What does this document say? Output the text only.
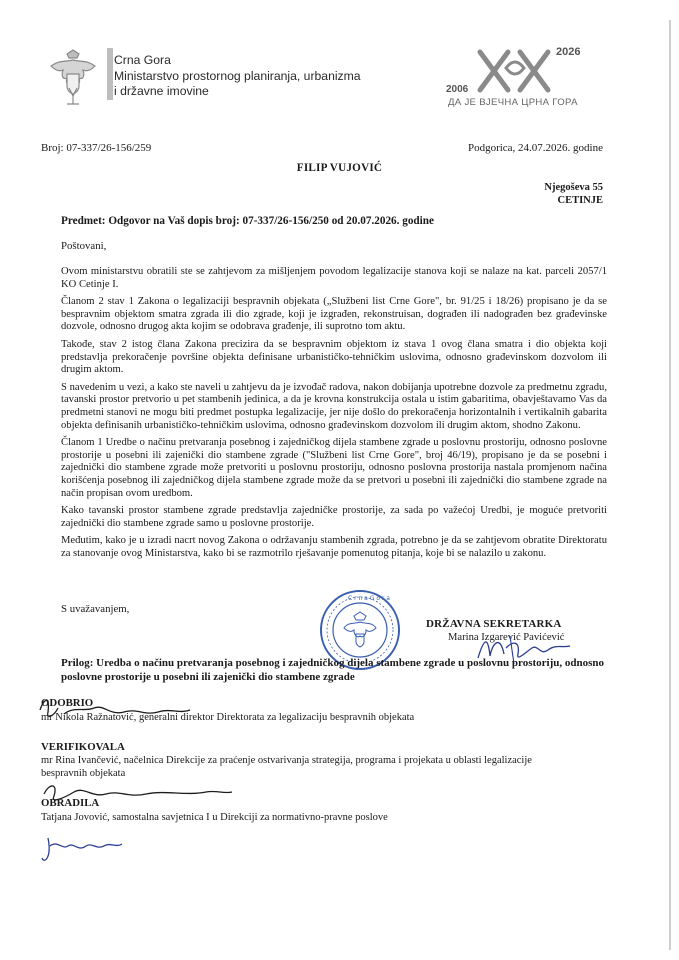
Crna Gora
Ministarstvo prostornog planiranja, urbanizma
i državne imovine
2026
2006
ДА ЈЕ ВЈЕЧНА ЦРНА ГОРА
Broj: 07-337/26-156/259	Podgorica, 24.07.2026. godine
FILIP VUJOVIĆ
Njegoševa 55
CETINJE
Predmet: Odgovor na Vaš dopis broj: 07-337/26-156/250 od 20.07.2026. godine
Poštovani,

Ovom ministarstvu obratili ste se zahtjevom za mišljenjem povodom legalizacije stanova koji se nalaze na kat. parceli 2057/1 KO Cetinje I.

Članom 2 stav 1 Zakona o legalizaciji bespravnih objekata („Službeni list Crne Gore", br. 91/25 i 18/26) propisano je da se bespravnim objektom smatra zgrada ili dio zgrade, koji je izgrađen, rekonstruisan, dograđen ili nadograđen bez građevinske dozvole, odnosno drugog akta kojim se odobrava građenje, ili suprotno tom aktu.

Takođe, stav 2 istog člana Zakona precizira da se bespravnim objektom iz stava 1 ovog člana smatra i dio objekta koji predstavlja prekoračenje površine objekta definisane urbanističko-tehničkim uslovima, odnosno građevinskom dozvolom ili drugim aktom.

S navedenim u vezi, a kako ste naveli u zahtjevu da je izvođač radova, nakon dobijanja upotrebne dozvole za predmetnu zgradu, tavanski prostor pretvorio u pet stambenih jedinica, a da je krovna konstrukcija ostala u istim gabaritima, obavještavamo Vas da predmetni stanovi ne mogu biti predmet postupka legalizacije, jer nije došlo do prekoračenja horizontalnih i vertikalnih gabarita objekta definisanih urbanističko-tehničkim uslovima, odnosno građevinskom dozvolom ili drugim aktom, shodno Zakonu.

Članom 1 Uredbe o načinu pretvaranja posebnog i zajedničkog dijela stambene zgrade u poslovnu prostoriju, odnosno poslovne prostorije u posebni ili zajenički dio stambene zgrade ("Službeni list Crne Gore", broj 46/19), propisano je da se posebni i zajednički dio stambene zgrade može pretvoriti u poslovnu prostoriju, odnosno poslovna prostorija nastala promjenom načina korišćenja posebnog ili zajedničkog dijela stambene zgrade može da se pretvori u posebni ili zajednički dio stambene zgrade na način propisan ovom uredbom.

Kako tavanski prostor stambene zgrade predstavlja zajedničke prostorije, za sada po važećoj Uredbi, je moguće pretvoriti zajednički dio stambene zgrade samo u poslovne prostorije.

Međutim, kako je u izradi nacrt novog Zakona o održavanju stambenih zgrada, potrebno je da se zahtjevom obratite Direktoratu za stanovanje ovog Ministarstva, kako bi se razmotrilo rješavanje pomenutog pitanja, koje bi se nalazilo u zakonu.

S uvažavanjem,
C r n a G o r a
DRŽAVNA SEKRETARKA
Marina Izgarević Pavićević
Prilog: Uredba o načinu pretvaranja posebnog i zajedničkog dijela stambene zgrade u poslovnu prostoriju, odnosno poslovne prostorije u posebni ili zajenički dio stambene zgrade
ODOBRIO
mr Nikola Ražnatović, generalni direktor Direktorata za legalizaciju bespravnih objekata
VERIFIKOVALA
mr Rina Ivančević, načelnica Direkcije za praćenje ostvarivanja strategija, programa i projekata u oblasti legalizacije bespravnih objekata
OBRADILA
Tatjana Jovović, samostalna savjetnica I u Direkciji za normativno-pravne poslove
